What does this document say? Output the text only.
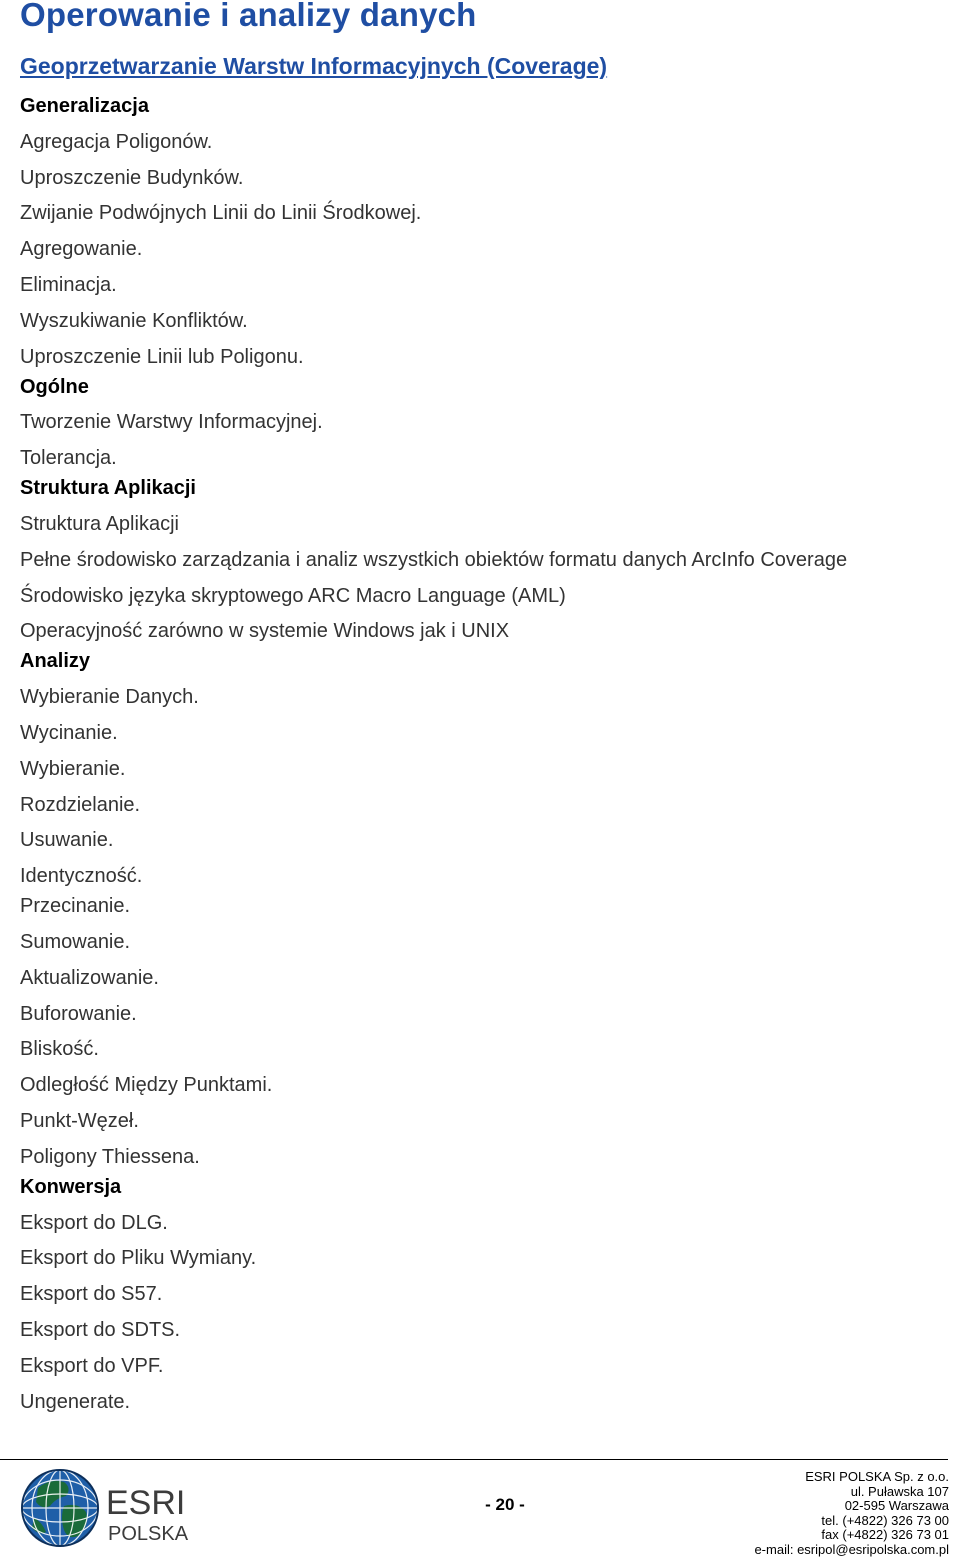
Operowanie i analizy danych
Geoprzetwarzanie Warstw Informacyjnych (Coverage)
Generalizacja
Agregacja Poligonów.
Uproszczenie Budynków.
Zwijanie Podwójnych Linii do Linii Środkowej.
Agregowanie.
Eliminacja.
Wyszukiwanie Konfliktów.
Uproszczenie Linii lub Poligonu.
Ogólne
Tworzenie Warstwy Informacyjnej.
Tolerancja.
Struktura Aplikacji
Struktura Aplikacji
Pełne środowisko zarządzania i analiz wszystkich obiektów formatu danych ArcInfo Coverage
Środowisko języka skryptowego ARC Macro Language (AML)
Operacyjność zarówno w systemie Windows jak i UNIX
Analizy
Wybieranie Danych.
Wycinanie.
Wybieranie.
Rozdzielanie.
Usuwanie.
Identyczność.
Przecinanie.
Sumowanie.
Aktualizowanie.
Buforowanie.
Bliskość.
Odległość Między Punktami.
Punkt-Węzeł.
Poligony Thiessena.
Konwersja
Eksport do DLG.
Eksport do Pliku Wymiany.
Eksport do S57.
Eksport do SDTS.
Eksport do VPF.
Ungenerate.
ESRI
POLSKA
- 20 -
ESRI POLSKA Sp. z o.o.
ul. Puławska 107
02-595 Warszawa
tel. (+4822) 326 73 00
fax (+4822) 326 73 01
e-mail: esripol@esripolska.com.pl
